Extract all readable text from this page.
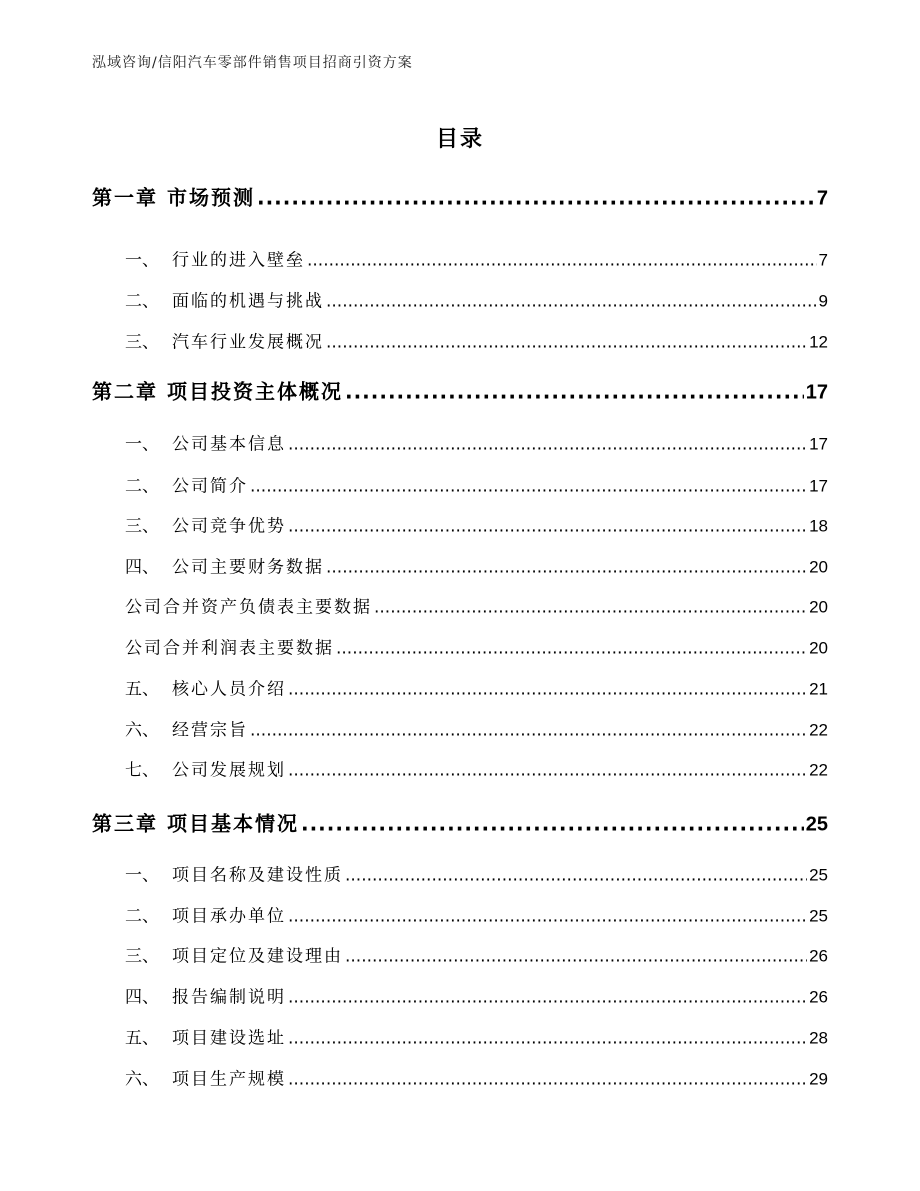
泓域咨询/信阳汽车零部件销售项目招商引资方案
目录
第一章 市场预测 .....	7
一、 行业的进入壁垒 .....	7
二、 面临的机遇与挑战 .....	9
三、 汽车行业发展概况 .....	12
第二章 项目投资主体概况 .....	17
一、 公司基本信息 .....	17
二、 公司简介 .....	17
三、 公司竞争优势 .....	18
四、 公司主要财务数据 .....	20
公司合并资产负债表主要数据 .....	20
公司合并利润表主要数据 .....	20
五、 核心人员介绍 .....	21
六、 经营宗旨 .....	22
七、 公司发展规划 .....	22
第三章 项目基本情况 .....	25
一、 项目名称及建设性质 .....	25
二、 项目承办单位 .....	25
三、 项目定位及建设理由 .....	26
四、 报告编制说明 .....	26
五、 项目建设选址 .....	28
六、 项目生产规模 .....	29
